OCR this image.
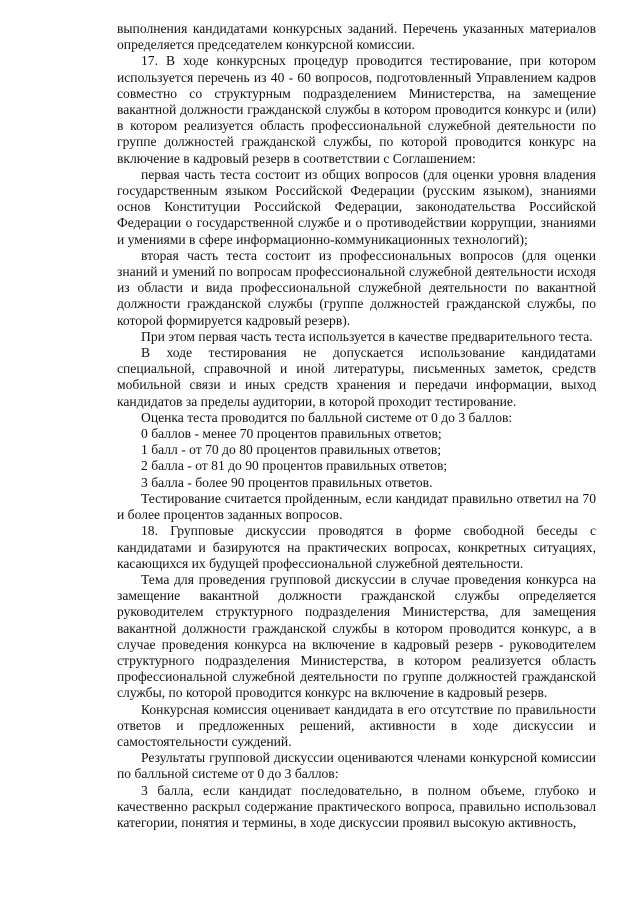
выполнения кандидатами конкурсных заданий. Перечень указанных материалов определяется председателем конкурсной комиссии.

17. В ходе конкурсных процедур проводится тестирование, при котором используется перечень из 40 - 60 вопросов, подготовленный Управлением кадров совместно со структурным подразделением Министерства, на замещение вакантной должности гражданской службы в котором проводится конкурс и (или) в котором реализуется область профессиональной служебной деятельности по группе должностей гражданской службы, по которой проводится конкурс на включение в кадровый резерв в соответствии с Соглашением:

первая часть теста состоит из общих вопросов (для оценки уровня владения государственным языком Российской Федерации (русским языком), знаниями основ Конституции Российской Федерации, законодательства Российской Федерации о государственной службе и о противодействии коррупции, знаниями и умениями в сфере информационно-коммуникационных технологий);

вторая часть теста состоит из профессиональных вопросов (для оценки знаний и умений по вопросам профессиональной служебной деятельности исходя из области и вида профессиональной служебной деятельности по вакантной должности гражданской службы (группе должностей гражданской службы, по которой формируется кадровый резерв).

При этом первая часть теста используется в качестве предварительного теста.

В ходе тестирования не допускается использование кандидатами специальной, справочной и иной литературы, письменных заметок, средств мобильной связи и иных средств хранения и передачи информации, выход кандидатов за пределы аудитории, в которой проходит тестирование.

Оценка теста проводится по балльной системе от 0 до 3 баллов:

0 баллов - менее 70 процентов правильных ответов;

1 балл - от 70 до 80 процентов правильных ответов;

2 балла - от 81 до 90 процентов правильных ответов;

3 балла - более 90 процентов правильных ответов.

Тестирование считается пройденным, если кандидат правильно ответил на 70 и более процентов заданных вопросов.

18. Групповые дискуссии проводятся в форме свободной беседы с кандидатами и базируются на практических вопросах, конкретных ситуациях, касающихся их будущей профессиональной служебной деятельности.

Тема для проведения групповой дискуссии в случае проведения конкурса на замещение вакантной должности гражданской службы определяется руководителем структурного подразделения Министерства, для замещения вакантной должности гражданской службы в котором проводится конкурс, а в случае проведения конкурса на включение в кадровый резерв - руководителем структурного подразделения Министерства, в котором реализуется область профессиональной служебной деятельности по группе должностей гражданской службы, по которой проводится конкурс на включение в кадровый резерв.

Конкурсная комиссия оценивает кандидата в его отсутствие по правильности ответов и предложенных решений, активности в ходе дискуссии и самостоятельности суждений.

Результаты групповой дискуссии оцениваются членами конкурсной комиссии по балльной системе от 0 до 3 баллов:

3 балла, если кандидат последовательно, в полном объеме, глубоко и качественно раскрыл содержание практического вопроса, правильно использовал категории, понятия и термины, в ходе дискуссии проявил высокую активность,
